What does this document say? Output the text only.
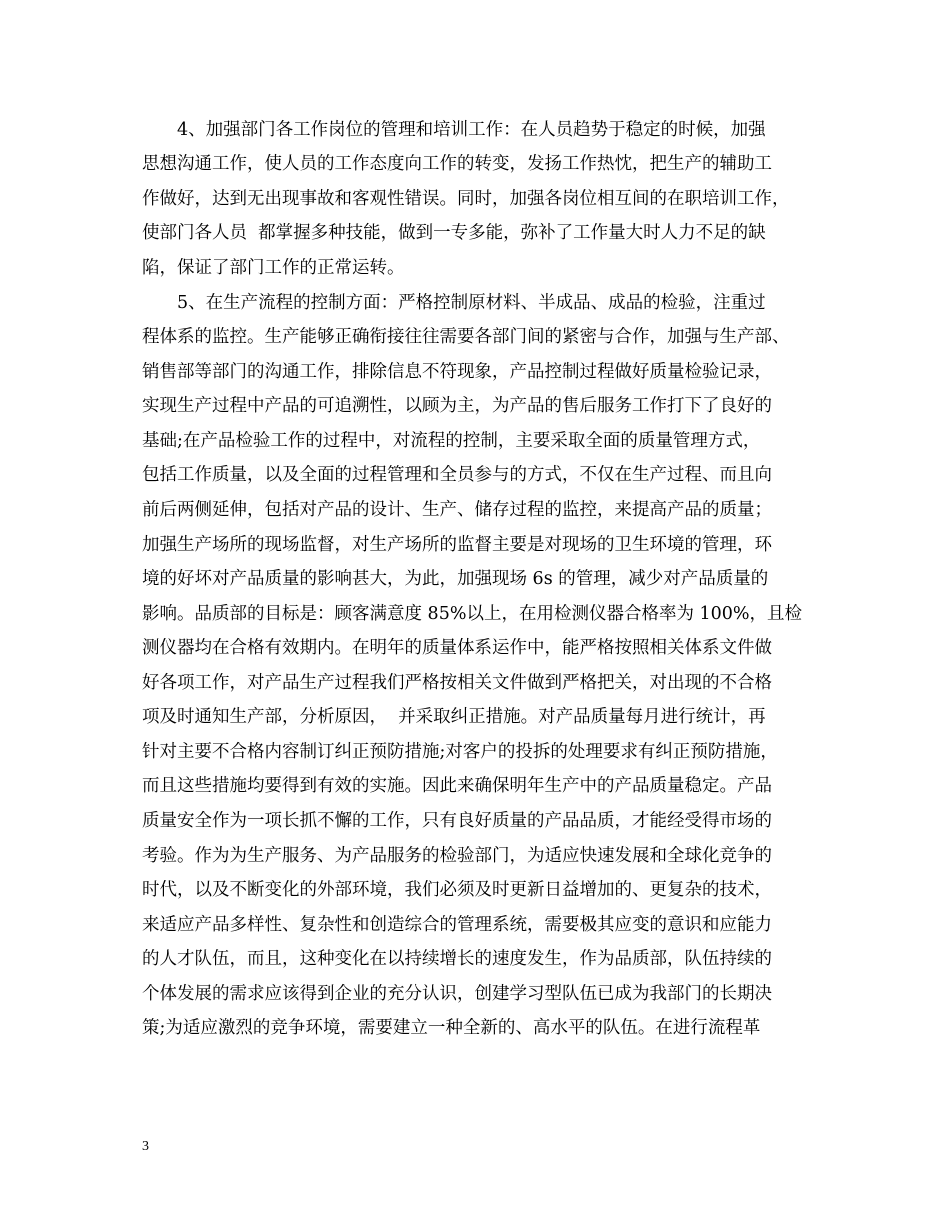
　　4、加强部门各工作岗位的管理和培训工作：在人员趋势于稳定的时候，加强
思想沟通工作，使人员的工作态度向工作的转变，发扬工作热忱，把生产的辅助工
作做好，达到无出现事故和客观性错误。同时，加强各岗位相互间的在职培训工作，
使部门各人员  都掌握多种技能，做到一专多能，弥补了工作量大时人力不足的缺
陷，保证了部门工作的正常运转。
　　5、在生产流程的控制方面：严格控制原材料、半成品、成品的检验，注重过
程体系的监控。生产能够正确衔接往往需要各部门间的紧密与合作，加强与生产部、
销售部等部门的沟通工作，排除信息不符现象，产品控制过程做好质量检验记录，
实现生产过程中产品的可追溯性，以顾为主，为产品的售后服务工作打下了良好的
基础;在产品检验工作的过程中，对流程的控制，主要采取全面的质量管理方式，
包括工作质量，以及全面的过程管理和全员参与的方式，不仅在生产过程、而且向
前后两侧延伸，包括对产品的设计、生产、储存过程的监控，来提高产品的质量；
加强生产场所的现场监督，对生产场所的监督主要是对现场的卫生环境的管理，环
境的好坏对产品质量的影响甚大，为此，加强现场 6s 的管理，减少对产品质量的
影响。品质部的目标是：顾客满意度 85%以上，在用检测仪器合格率为 100%，且检
测仪器均在合格有效期内。在明年的质量体系运作中，能严格按照相关体系文件做
好各项工作，对产品生产过程我们严格按相关文件做到严格把关，对出现的不合格
项及时通知生产部，分析原因，  并采取纠正措施。对产品质量每月进行统计，再
针对主要不合格内容制订纠正预防措施;对客户的投拆的处理要求有纠正预防措施，
而且这些措施均要得到有效的实施。因此来确保明年生产中的产品质量稳定。产品
质量安全作为一项长抓不懈的工作，只有良好质量的产品品质，才能经受得市场的
考验。作为为生产服务、为产品服务的检验部门，为适应快速发展和全球化竞争的
时代，以及不断变化的外部环境，我们必须及时更新日益增加的、更复杂的技术，
来适应产品多样性、复杂性和创造综合的管理系统，需要极其应变的意识和应能力
的人才队伍，而且，这种变化在以持续增长的速度发生，作为品质部，队伍持续的
个体发展的需求应该得到企业的充分认识，创建学习型队伍已成为我部门的长期决
策;为适应激烈的竞争环境，需要建立一种全新的、高水平的队伍。在进行流程革
3
